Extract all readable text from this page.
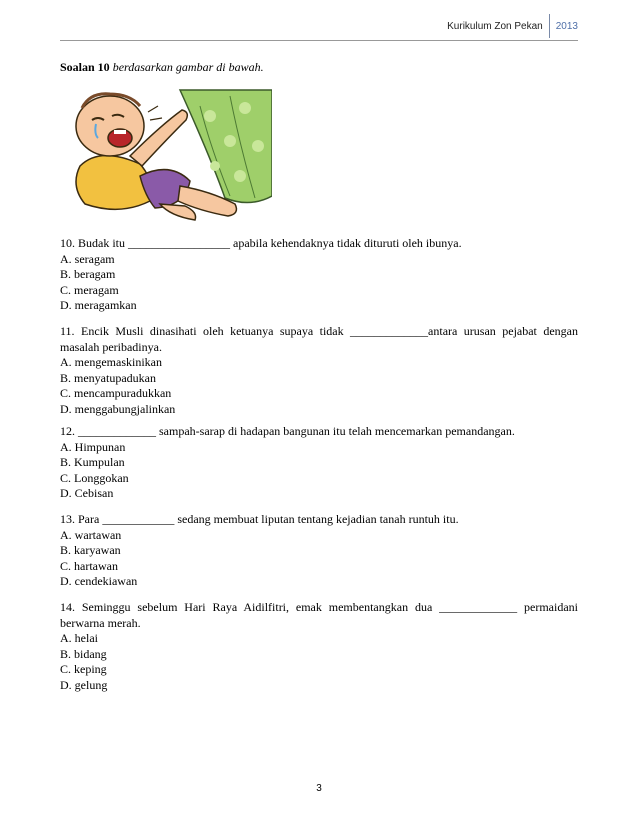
Kurikulum Zon Pekan	2013
Soalan 10 berdasarkan gambar di bawah.
10. Budak itu _________________ apabila kehendaknya tidak dituruti oleh ibunya.
A. seragam
B. beragam
C. meragam
D. meragamkan
11. Encik Musli dinasihati oleh ketuanya supaya tidak _____________antara urusan pejabat dengan masalah peribadinya.
A. mengemaskinikan
B. menyatupadukan
C. mencampuradukkan
D. menggabungjalinkan
12. _____________ sampah-sarap di hadapan bangunan itu telah mencemarkan pemandangan.
A. Himpunan
B. Kumpulan
C. Longgokan
D. Cebisan
13. Para ____________ sedang membuat liputan tentang kejadian tanah runtuh itu.
A. wartawan
B. karyawan
C. hartawan
D. cendekiawan
14. Seminggu sebelum Hari Raya Aidilfitri, emak membentangkan dua _____________ permaidani berwarna merah.
A. helai
B. bidang
C. keping
D. gelung
3
